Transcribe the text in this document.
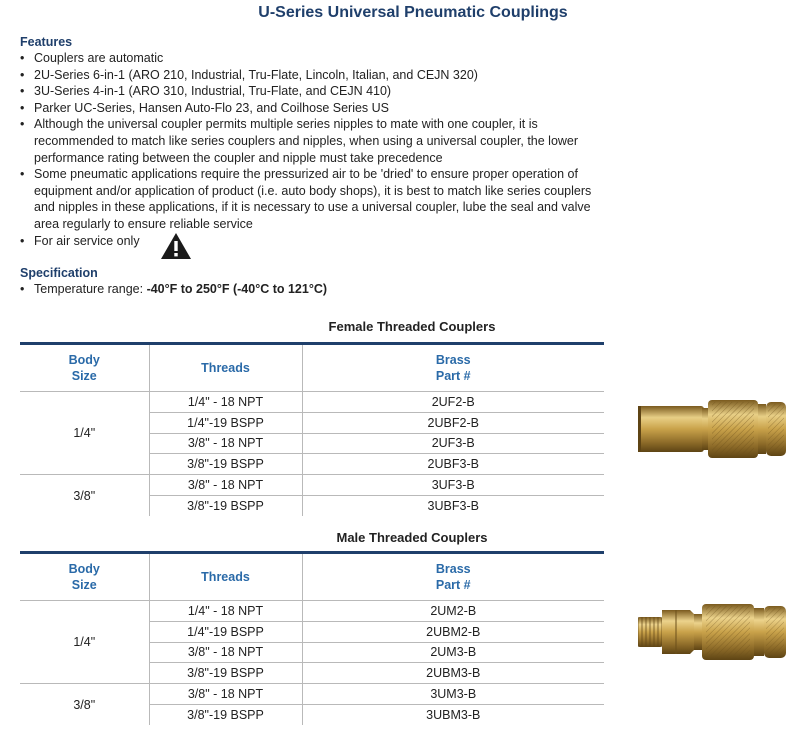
U-Series Universal Pneumatic Couplings
Features
• Couplers are automatic
• 2U-Series 6-in-1 (ARO 210, Industrial, Tru-Flate, Lincoln, Italian, and CEJN 320)
• 3U-Series 4-in-1 (ARO 310, Industrial, Tru-Flate, and CEJN 410)
• Parker UC-Series, Hansen Auto-Flo 23, and Coilhose Series US
• Although the universal coupler permits multiple series nipples to mate with one coupler, it is recommended to match like series couplers and nipples, when using a universal coupler, the lower performance rating between the coupler and nipple must take precedence
• Some pneumatic applications require the pressurized air to be 'dried' to ensure proper operation of equipment and/or application of product (i.e. auto body shops), it is best to match like series couplers and nipples in these applications, if it is necessary to use a universal coupler, lube the seal and valve area regularly to ensure reliable service
• For air service only
Specification
• Temperature range: -40°F to 250°F (-40°C to 121°C)
Female Threaded Couplers
Body
Size	Threads	Brass
Part #
1/4"	1/4" - 18 NPT	2UF2-B
	1/4"-19 BSPP	2UBF2-B
	3/8" - 18 NPT	2UF3-B
	3/8"-19 BSPP	2UBF3-B
3/8"	3/8" - 18 NPT	3UF3-B
	3/8"-19 BSPP	3UBF3-B
Male Threaded Couplers
Body
Size	Threads	Brass
Part #
1/4"	1/4" - 18 NPT	2UM2-B
	1/4"-19 BSPP	2UBM2-B
	3/8" - 18 NPT	2UM3-B
	3/8"-19 BSPP	2UBM3-B
3/8"	3/8" - 18 NPT	3UM3-B
	3/8"-19 BSPP	3UBM3-B
